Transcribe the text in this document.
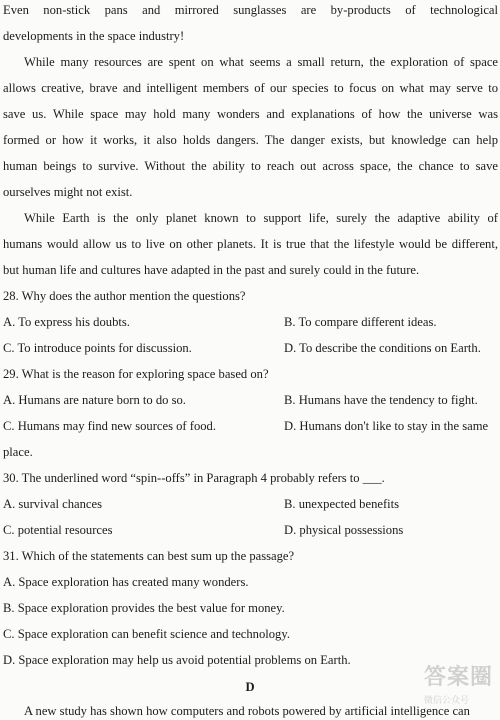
Even non-stick pans and mirrored sunglasses are by-products of technological
developments in the space industry!
While many resources are spent on what seems a small return, the exploration of space
allows creative, brave and intelligent members of our species to focus on what may serve to
save us. While space may hold many wonders and explanations of how the universe was
formed or how it works, it also holds dangers. The danger exists, but knowledge can help
human beings to survive. Without the ability to reach out across space, the chance to save
ourselves might not exist.
While Earth is the only planet known to support life, surely the adaptive ability of
humans would allow us to live on other planets. It is true that the lifestyle would be different,
but human life and cultures have adapted in the past and surely could in the future.
28. Why does the author mention the questions?
A. To express his doubts.	B. To compare different ideas.
C. To introduce points for discussion.	D. To describe the conditions on Earth.
29. What is the reason for exploring space based on?
A. Humans are nature born to do so.	B. Humans have the tendency to fight.
C. Humans may find new sources of food.	D. Humans don't like to stay in the same
place.
30. The underlined word “spin--offs” in Paragraph 4 probably refers to ___.
A. survival chances	B. unexpected benefits
C. potential resources	D. physical possessions
31. Which of the statements can best sum up the passage?
A. Space exploration has created many wonders.
B. Space exploration provides the best value for money.
C. Space exploration can benefit science and technology.
D. Space exploration may help us avoid potential problems on Earth.
D
A new study has shown how computers and robots powered by artificial intelligence can
答案圈
微信公众号
